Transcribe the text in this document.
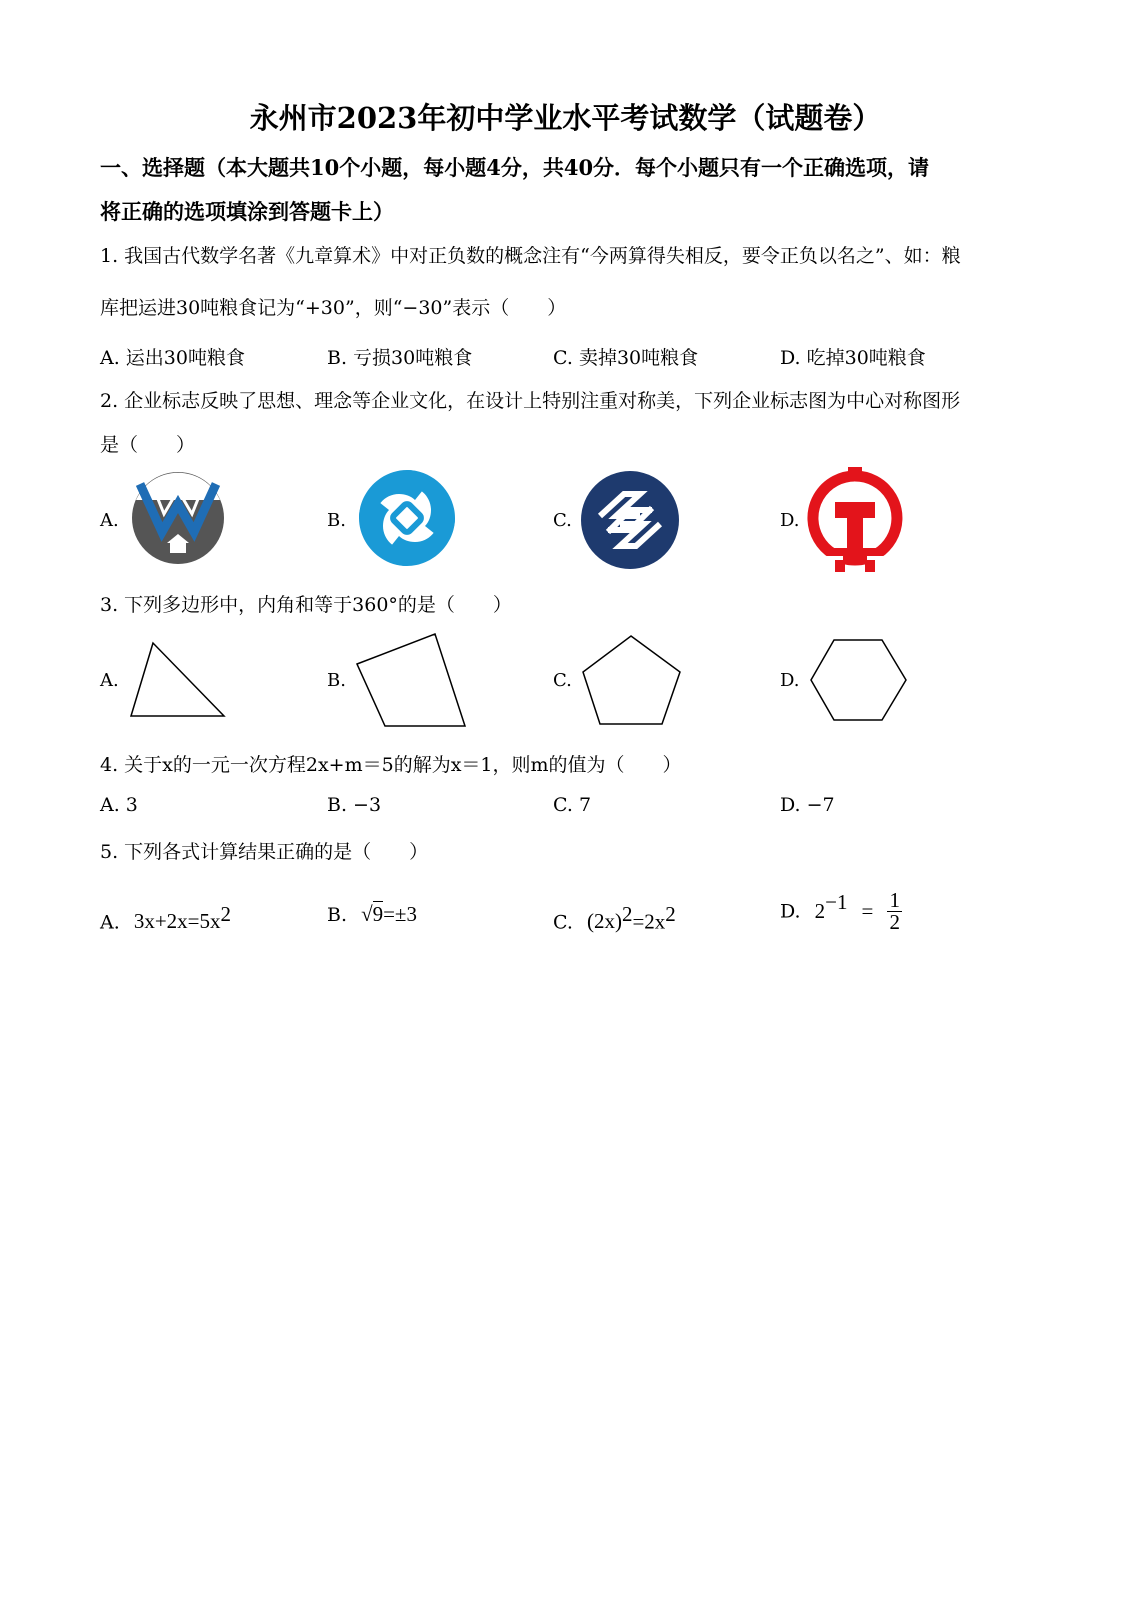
永州市2023年初中学业水平考试数学（试题卷）
一、选择题（本大题共10个小题，每小题4分，共40分．每个小题只有一个正确选项，请
将正确的选项填涂到答题卡上）
1. 我国古代数学名著《九章算术》中对正负数的概念注有“今两算得失相反，要令正负以名之”、如：粮
库把运进30吨粮食记为“+30”，则“−30”表示（　　）
A. 运出30吨粮食	B. 亏损30吨粮食	C. 卖掉30吨粮食	D. 吃掉30吨粮食
2. 企业标志反映了思想、理念等企业文化，在设计上特别注重对称美，下列企业标志图为中心对称图形
是（　　）
A.	B.	C.	D.
3. 下列多边形中，内角和等于360°的是（　　）
A.	B.	C.	D.
4. 关于x的一元一次方程2x+m＝5的解为x＝1，则m的值为（　　）
A. 3	B. −3	C. 7	D. −7
5. 下列各式计算结果正确的是（　　）
A. $3x+2x=5x^2$	B. √9=±3	C. $(2x)^2=2x^2$	D. $2^{-1} = \frac{1}{2}$
